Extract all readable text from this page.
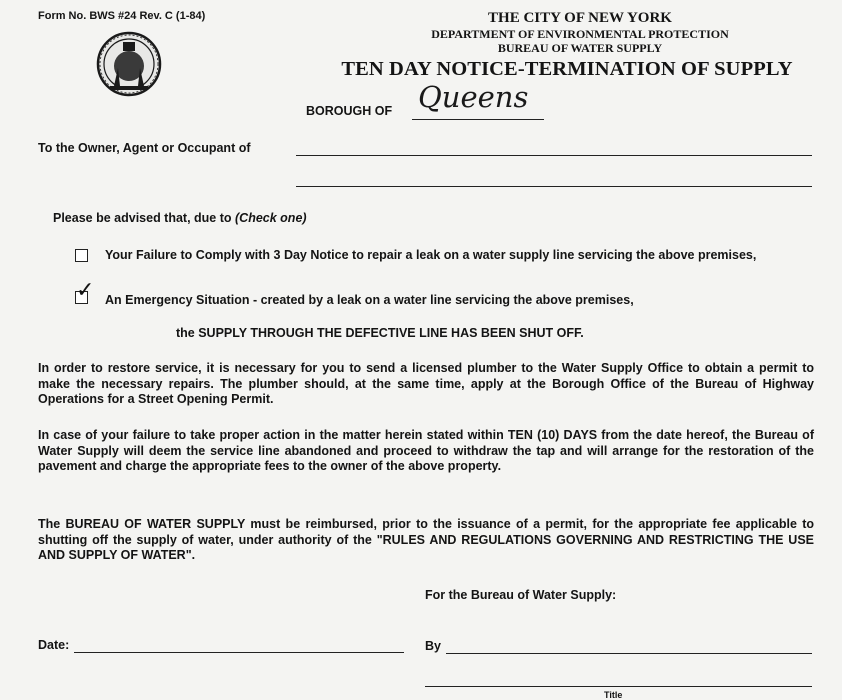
Form No. BWS #24 Rev. C (1-84)	THE CITY OF NEW YORK
DEPARTMENT OF ENVIRONMENTAL PROTECTION
BUREAU OF WATER SUPPLY
TEN DAY NOTICE-TERMINATION OF SUPPLY
BOROUGH OF Queens
To the Owner, Agent or Occupant of
Please be advised that, due to (Check one)
Your Failure to Comply with 3 Day Notice to repair a leak on a water supply line servicing the above premises,
✓ An Emergency Situation - created by a leak on a water line servicing the above premises,
the SUPPLY THROUGH THE DEFECTIVE LINE HAS BEEN SHUT OFF.
In order to restore service, it is necessary for you to send a licensed plumber to the Water Supply Office to obtain a permit to make the necessary repairs. The plumber should, at the same time, apply at the Borough Office of the Bureau of Highway Operations for a Street Opening Permit.
In case of your failure to take proper action in the matter herein stated within TEN (10) DAYS from the date hereof, the Bureau of Water Supply will deem the service line abandoned and proceed to withdraw the tap and will arrange for the restoration of the pavement and charge the appropriate fees to the owner of the above property.
The BUREAU OF WATER SUPPLY must be reimbursed, prior to the issuance of a permit, for the appropriate fee applicable to shutting off the supply of water, under authority of the "RULES AND REGULATIONS GOVERNING AND RESTRICTING THE USE AND SUPPLY OF WATER".
For the Bureau of Water Supply:
Date:	By
Title
